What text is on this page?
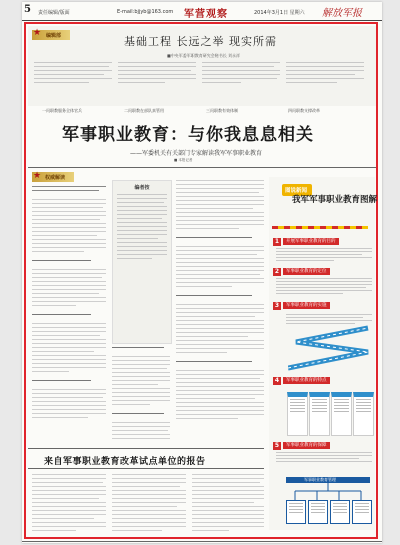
5 责任编辑/版面	E-mail:bjjyb@163.com 军营观察	2014年3月1日 星期六 解放军报
编辑部
★
基础工程 长远之举 现实所需
■中央军委军职教育研究会秘书长 刘永祥
一问职教服务全体官兵	二问职教在部队真管用	三问职教有效体制	四问职教支撑改革
军事职业教育：与你我息息相关
——军委机关有关部门专家解读我军军事职业教育
■ 本报记者
权威解读
★
编者按
来自军事职业教育改革试点单位的报告
图说新闻
我军军事职业教育图解
1	开展军事职业教育的目的
2	军事职业教育的定位
3	军事职业教育的实施
4	军事职业教育的特点
5	军事职业教育的保障
军事职业教育管理
